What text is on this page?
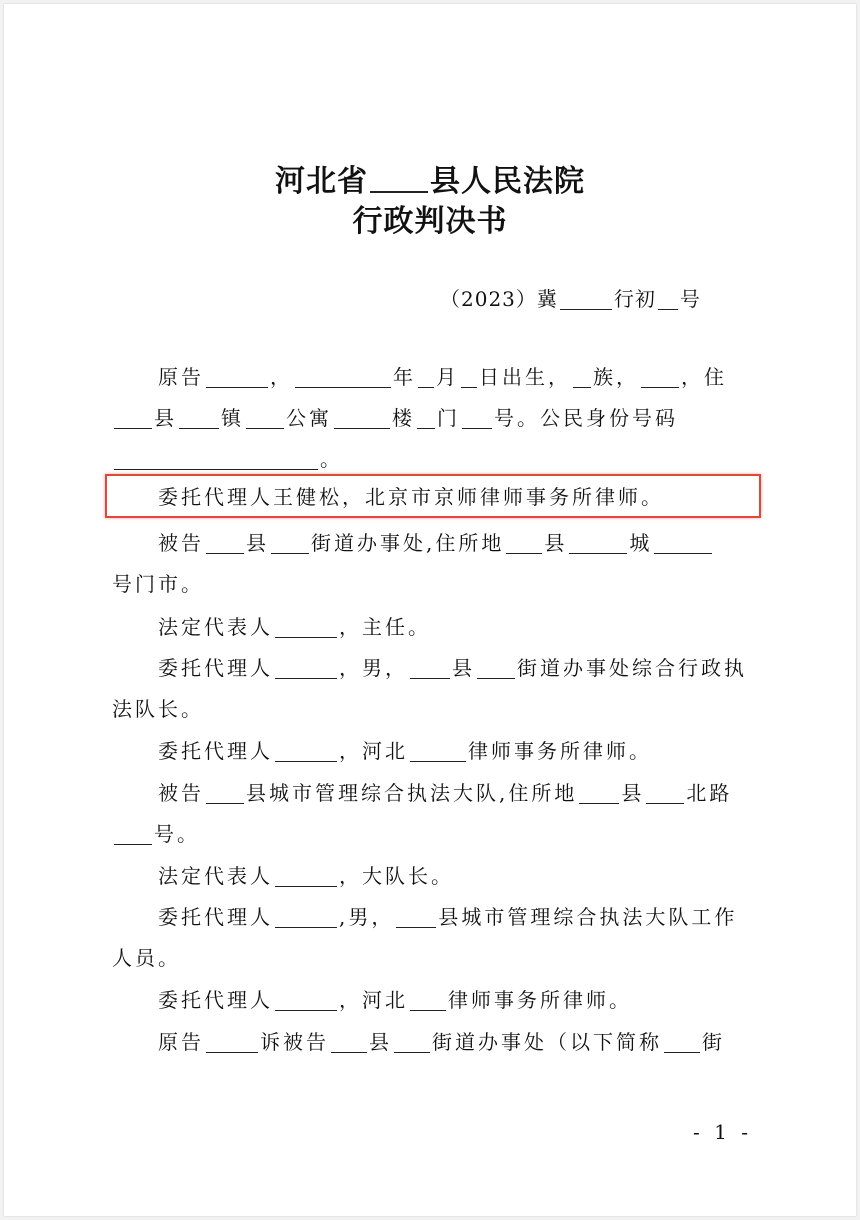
河北省 县人民法院
行政判决书
（2023）冀	行初 号
原告	，	年 月 日出生， 族， ，住
县 镇 公寓	楼 门 号。公民身份号码
。
委托代理人王健松，北京市京师律师事务所律师。
被告 县 街道办事处,住所地 县	城
号门市。
法定代表人	，主任。
委托代理人	，男， 县 街道办事处综合行政执
法队长。
委托代理人	，河北	律师事务所律师。
被告 县城市管理综合执法大队,住所地 县 北路
号。
法定代表人	，大队长。
委托代理人	,男， 县城市管理综合执法大队工作
人员。
委托代理人	，河北 律师事务所律师。
原告	诉被告 县 街道办事处（以下简称 街
- 1 -
